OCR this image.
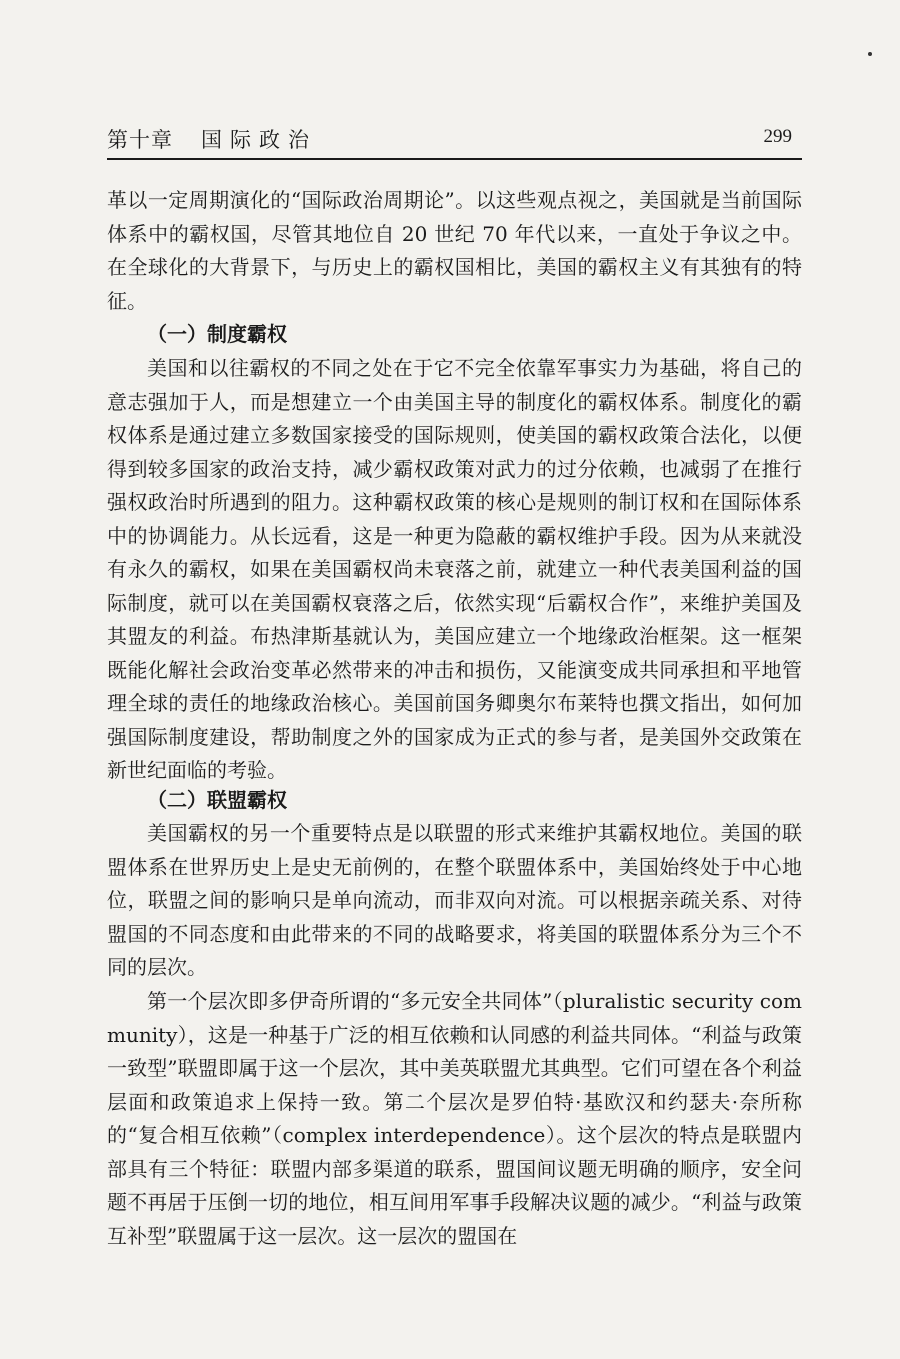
第十章 国际政治	299
革以一定周期演化的“国际政治周期论”。以这些观点视之，美国就是当前国际体系中的霸权国，尽管其地位自 20 世纪 70 年代以来，一直处于争议之中。在全球化的大背景下，与历史上的霸权国相比，美国的霸权主义有其独有的特征。
（一）制度霸权
美国和以往霸权的不同之处在于它不完全依靠军事实力为基础，将自己的意志强加于人，而是想建立一个由美国主导的制度化的霸权体系。制度化的霸权体系是通过建立多数国家接受的国际规则，使美国的霸权政策合法化，以便得到较多国家的政治支持，减少霸权政策对武力的过分依赖，也减弱了在推行强权政治时所遇到的阻力。这种霸权政策的核心是规则的制订权和在国际体系中的协调能力。从长远看，这是一种更为隐蔽的霸权维护手段。因为从来就没有永久的霸权，如果在美国霸权尚未衰落之前，就建立一种代表美国利益的国际制度，就可以在美国霸权衰落之后，依然实现“后霸权合作”，来维护美国及其盟友的利益。布热津斯基就认为，美国应建立一个地缘政治框架。这一框架既能化解社会政治变革必然带来的冲击和损伤，又能演变成共同承担和平地管理全球的责任的地缘政治核心。美国前国务卿奥尔布莱特也撰文指出，如何加强国际制度建设，帮助制度之外的国家成为正式的参与者，是美国外交政策在新世纪面临的考验。
（二）联盟霸权
美国霸权的另一个重要特点是以联盟的形式来维护其霸权地位。美国的联盟体系在世界历史上是史无前例的，在整个联盟体系中，美国始终处于中心地位，联盟之间的影响只是单向流动，而非双向对流。可以根据亲疏关系、对待盟国的不同态度和由此带来的不同的战略要求，将美国的联盟体系分为三个不同的层次。
第一个层次即多伊奇所谓的“多元安全共同体”（pluralistic security community），这是一种基于广泛的相互依赖和认同感的利益共同体。“利益与政策一致型”联盟即属于这一个层次，其中美英联盟尤其典型。它们可望在各个利益层面和政策追求上保持一致。第二个层次是罗伯特·基欧汉和约瑟夫·奈所称的“复合相互依赖”（complex interdependence）。这个层次的特点是联盟内部具有三个特征：联盟内部多渠道的联系，盟国间议题无明确的顺序，安全问题不再居于压倒一切的地位，相互间用军事手段解决议题的减少。“利益与政策互补型”联盟属于这一层次。这一层次的盟国在
